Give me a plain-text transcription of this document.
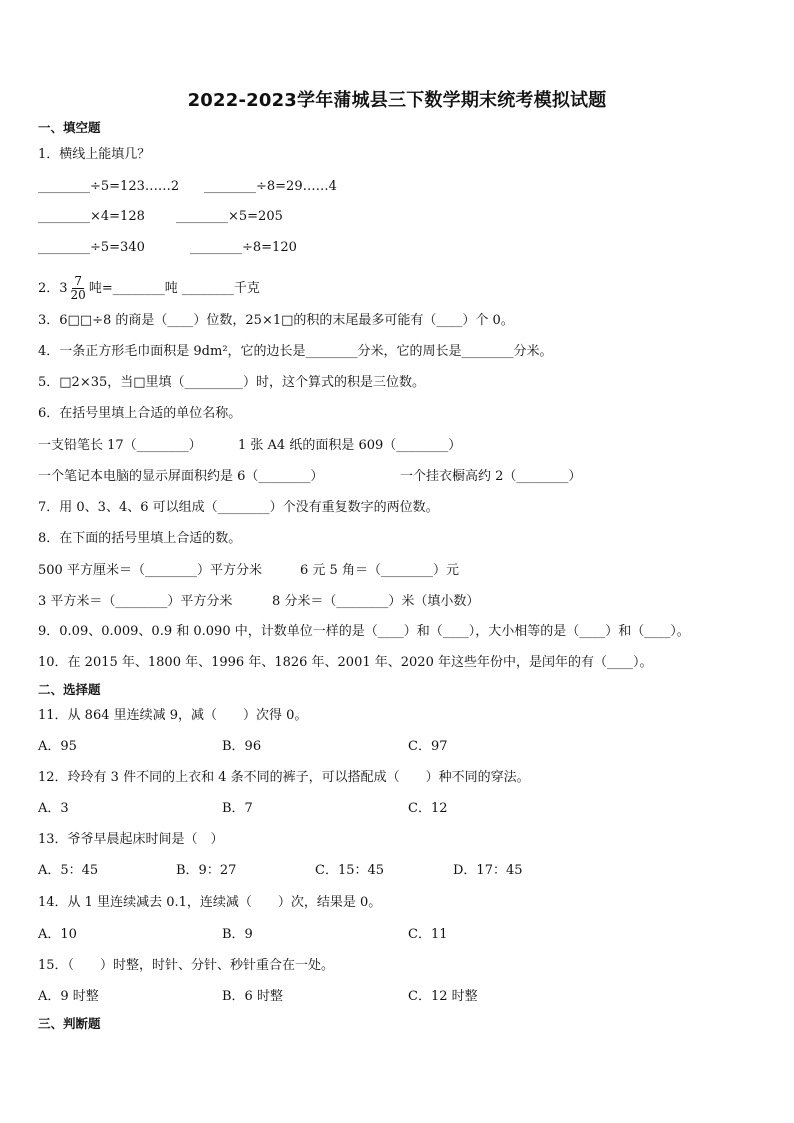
2022-2023学年蒲城县三下数学期末统考模拟试题
一、填空题
1．横线上能填几？
________÷5=123……2 ________÷8=29……4
________×4=128 ________×5=205
________÷5=340	________÷8=120
2．$3 \frac{7}{20}$ 吨=________吨 ________千克
3．6□□÷8 的商是（____）位数，25×1□的积的末尾最多可能有（____）个 0。
4．一条正方形毛巾面积是 9dm²，它的边长是________分米，它的周长是________分米。
5．□2×35，当□里填（_________）时，这个算式的积是三位数。
6．在括号里填上合适的单位名称。
一支铅笔长 17（________）	1 张 A4 纸的面积是 609（________）
一个笔记本电脑的显示屏面积约是 6（________）	一个挂衣橱高约 2（________）
7．用 0、3、4、6 可以组成（________）个没有重复数字的两位数。
8．在下面的括号里填上合适的数。
500 平方厘米＝（________）平方分米	6 元 5 角＝（________）元
3 平方米＝（________）平方分米	8 分米＝（________）米（填小数）
9．0.09、0.009、0.9 和 0.090 中，计数单位一样的是（____）和（____），大小相等的是（____）和（____）。
10．在 2015 年、1800 年、1996 年、1826 年、2001 年、2020 年这些年份中，是闰年的有（____）。
二、选择题
11．从 864 里连续减 9，减（　　）次得 0。
A．95	B．96	C．97
12．玲玲有 3 件不同的上衣和 4 条不同的裤子，可以搭配成（　　）种不同的穿法。
A．3	B．7	C．12
13．爷爷早晨起床时间是（　）
A．5：45	B．9：27	C．15：45	D．17：45
14．从 1 里连续减去 0.1，连续减（　　）次，结果是 0。
A．10	B．9	C．11
15．（　　）时整，时针、分针、秒针重合在一处。
A．9 时整	B．6 时整	C．12 时整
三、判断题
